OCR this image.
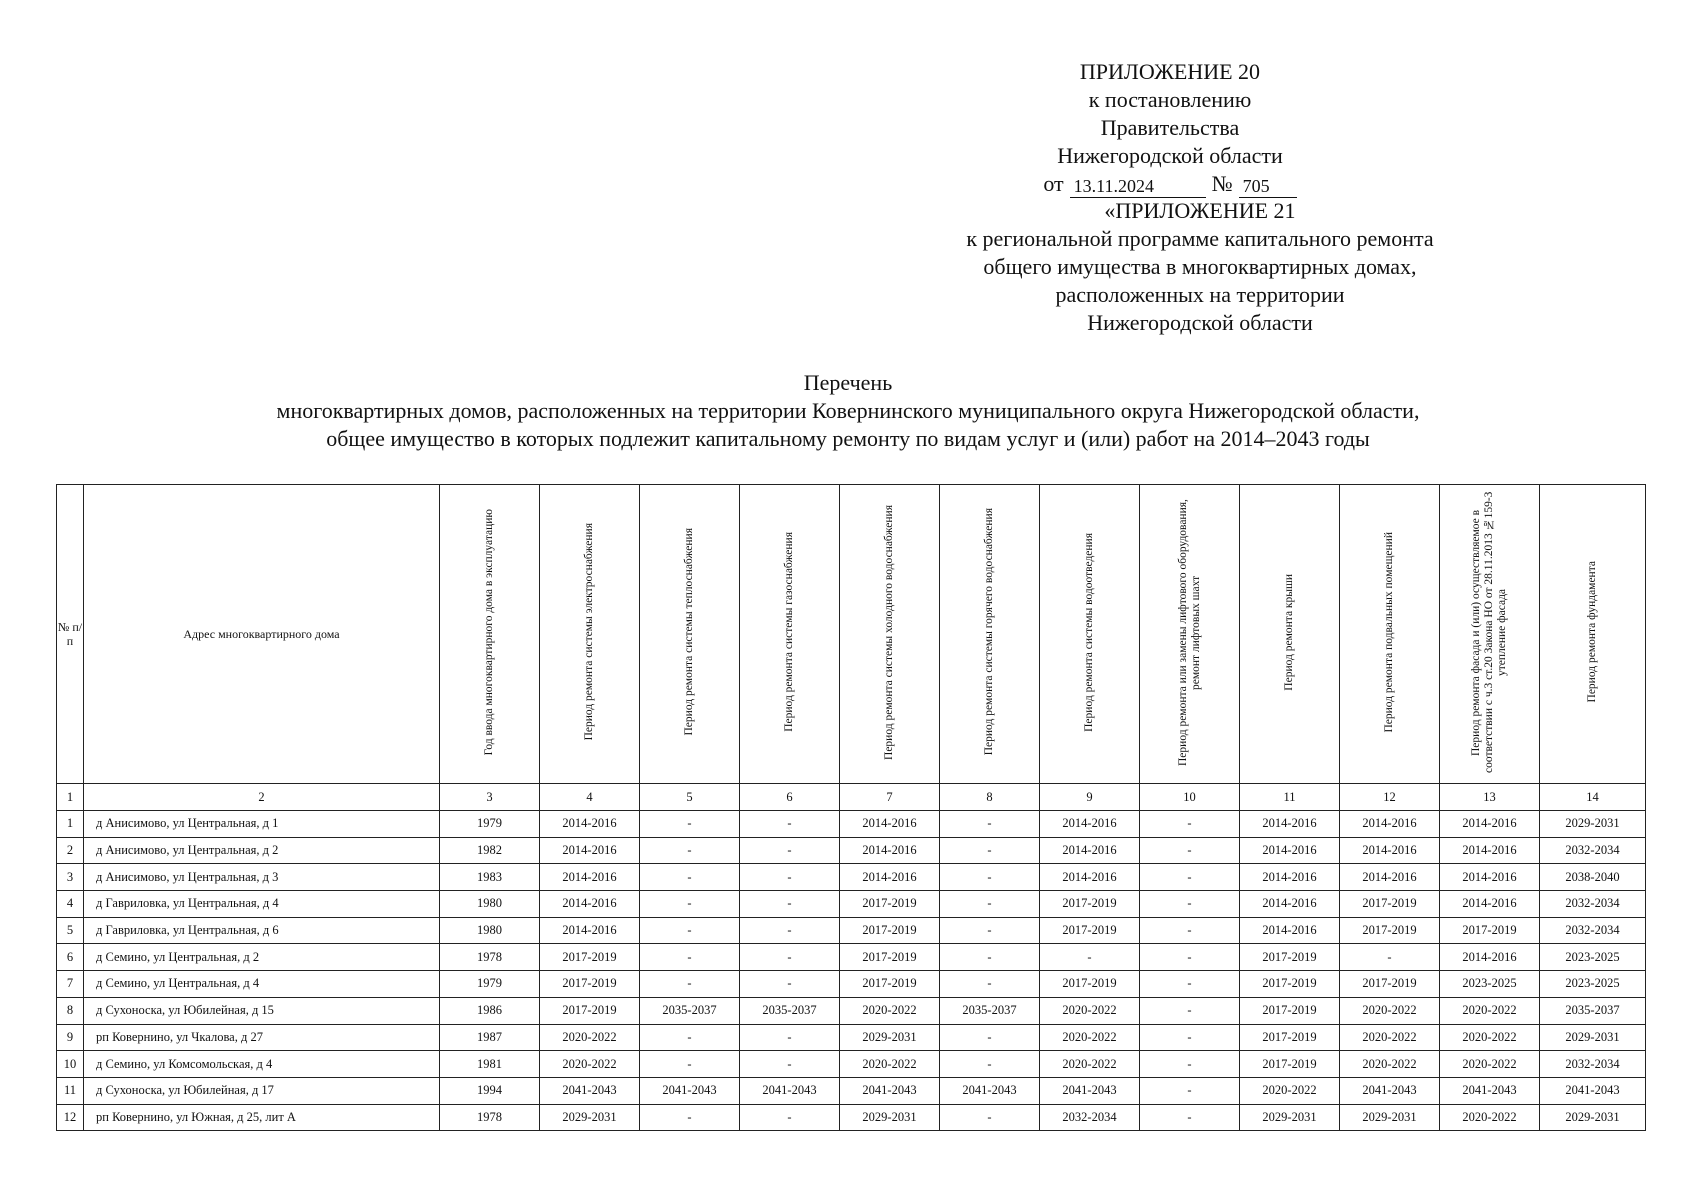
ПРИЛОЖЕНИЕ 20
к постановлению Правительства
Нижегородской области
от 13.11.2024	№ 705
«ПРИЛОЖЕНИЕ 21
к региональной программе капитального ремонта
общего имущества в многоквартирных домах,
расположенных на территории
Нижегородской области
Перечень
многоквартирных домов, расположенных на территории Ковернинского муниципального округа Нижегородской области,
общее имущество в которых подлежит капитальному ремонту по видам услуг и (или) работ на 2014–2043 годы
№ п/п	Адрес многоквартирного дома	Год ввода многоквартирного дома в эксплуатацию	Период ремонта системы электроснабжения	Период ремонта системы теплоснабжения	Период ремонта системы газоснабжения	Период ремонта системы холодного водоснабжения	Период ремонта системы горячего водоснабжения	Период ремонта системы водоотведения	Период ремонта или замены лифтового оборудования, ремонт лифтовых шахт	Период ремонта крыши	Период ремонта подвальных помещений	Период ремонта фасада и (или) осуществляемое в соответствии с ч.3 ст.20 Закона НО от 28.11.2013 №159-З утепление фасада	Период ремонта фундамента
1	2	3	4	5	6	7	8	9	10	11	12	13	14
1	д Анисимово, ул Центральная, д 1	1979	2014-2016	-	-	2014-2016	-	2014-2016	-	2014-2016	2014-2016	2014-2016	2029-2031
2	д Анисимово, ул Центральная, д 2	1982	2014-2016	-	-	2014-2016	-	2014-2016	-	2014-2016	2014-2016	2014-2016	2032-2034
3	д Анисимово, ул Центральная, д 3	1983	2014-2016	-	-	2014-2016	-	2014-2016	-	2014-2016	2014-2016	2014-2016	2038-2040
4	д Гавриловка, ул Центральная, д 4	1980	2014-2016	-	-	2017-2019	-	2017-2019	-	2014-2016	2017-2019	2014-2016	2032-2034
5	д Гавриловка, ул Центральная, д 6	1980	2014-2016	-	-	2017-2019	-	2017-2019	-	2014-2016	2017-2019	2017-2019	2032-2034
6	д Семино, ул Центральная, д 2	1978	2017-2019	-	-	2017-2019	-	-	-	2017-2019	-	2014-2016	2023-2025
7	д Семино, ул Центральная, д 4	1979	2017-2019	-	-	2017-2019	-	2017-2019	-	2017-2019	2017-2019	2023-2025	2023-2025
8	д Сухоноска, ул Юбилейная, д 15	1986	2017-2019	2035-2037	2035-2037	2020-2022	2035-2037	2020-2022	-	2017-2019	2020-2022	2020-2022	2035-2037
9	рп Ковернино, ул Чкалова, д 27	1987	2020-2022	-	-	2029-2031	-	2020-2022	-	2017-2019	2020-2022	2020-2022	2029-2031
10	д Семино, ул Комсомольская, д 4	1981	2020-2022	-	-	2020-2022	-	2020-2022	-	2017-2019	2020-2022	2020-2022	2032-2034
11	д Сухоноска, ул Юбилейная, д 17	1994	2041-2043	2041-2043	2041-2043	2041-2043	2041-2043	2041-2043	-	2020-2022	2041-2043	2041-2043	2041-2043
12	рп Ковернино, ул Южная, д 25, лит А	1978	2029-2031	-	-	2029-2031	-	2032-2034	-	2029-2031	2029-2031	2020-2022	2029-2031
